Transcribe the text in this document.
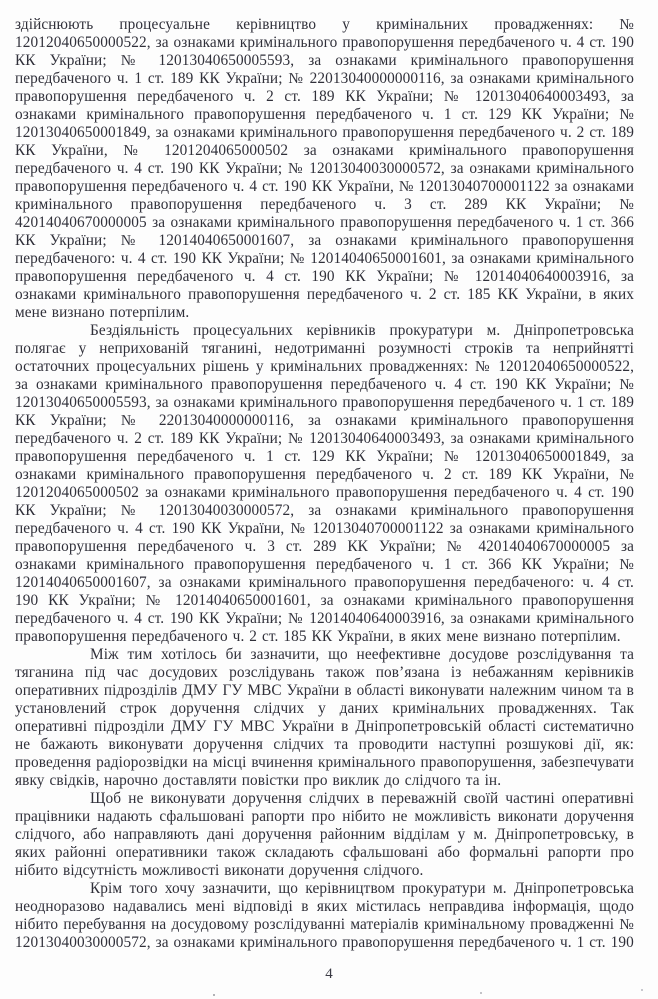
здійснюють процесуальне керівництво у кримінальних провадженнях: № 12012040650000522, за ознаками кримінального правопорушення передбаченого ч. 4 ст. 190 КК України; № 12013040650005593, за ознаками кримінального правопорушення передбаченого ч. 1 ст. 189 КК України; № 22013040000000116, за ознаками кримінального правопорушення передбаченого ч. 2 ст. 189 КК України; № 12013040640003493, за ознаками кримінального правопорушення передбаченого ч. 1 ст. 129 КК України; № 12013040650001849, за ознаками кримінального правопорушення передбаченого ч. 2 ст. 189 КК України, № 1201204065000502 за ознаками кримінального правопорушення передбаченого ч. 4 ст. 190 КК України; № 12013040030000572, за ознаками кримінального правопорушення передбаченого ч. 4 ст. 190 КК України, № 12013040700001122 за ознаками кримінального правопорушення передбаченого ч. 3 ст. 289 КК України; № 42014040670000005 за ознаками кримінального правопорушення передбаченого ч. 1 ст. 366 КК України; № 12014040650001607, за ознаками кримінального правопорушення передбаченого: ч. 4 ст. 190 КК України; № 12014040650001601, за ознаками кримінального правопорушення передбаченого ч. 4 ст. 190 КК України; № 12014040640003916, за ознаками кримінального правопорушення передбаченого ч. 2 ст. 185 КК України, в яких мене визнано потерпілим.

Бездіяльність процесуальних керівників прокуратури м. Дніпропетровська полягає у неприхованій тяганині, недотриманні розумності строків та неприйнятті остаточних процесуальних рішень у кримінальних провадженнях: № 12012040650000522, за ознаками кримінального правопорушення передбаченого ч. 4 ст. 190 КК України; № 12013040650005593, за ознаками кримінального правопорушення передбаченого ч. 1 ст. 189 КК України; № 22013040000000116, за ознаками кримінального правопорушення передбаченого ч. 2 ст. 189 КК України; № 12013040640003493, за ознаками кримінального правопорушення передбаченого ч. 1 ст. 129 КК України; № 12013040650001849, за ознаками кримінального правопорушення передбаченого ч. 2 ст. 189 КК України, № 1201204065000502 за ознаками кримінального правопорушення передбаченого ч. 4 ст. 190 КК України; № 12013040030000572, за ознаками кримінального правопорушення передбаченого ч. 4 ст. 190 КК України, № 12013040700001122 за ознаками кримінального правопорушення передбаченого ч. 3 ст. 289 КК України; № 42014040670000005 за ознаками кримінального правопорушення передбаченого ч. 1 ст. 366 КК України; № 12014040650001607, за ознаками кримінального правопорушення передбаченого: ч. 4 ст. 190 КК України; № 12014040650001601, за ознаками кримінального правопорушення передбаченого ч. 4 ст. 190 КК України; № 12014040640003916, за ознаками кримінального правопорушення передбаченого ч. 2 ст. 185 КК України, в яких мене визнано потерпілим.

Між тим хотілось би зазначити, що неефективне досудове розслідування та тяганина під час досудових розслідувань також пов’язана із небажанням керівників оперативних підрозділів ДМУ ГУ МВС України в області виконувати належним чином та в установлений строк доручення слідчих у даних кримінальних провадженнях. Так оперативні підрозділи ДМУ ГУ МВС України в Дніпропетровській області систематично не бажають виконувати доручення слідчих та проводити наступні розшукові дії, як: проведення радіорозвідки на місці вчинення кримінального правопорушення, забезпечувати явку свідків, нарочно доставляти повістки про виклик до слідчого та ін.

Щоб не виконувати доручення слідчих в переважній своїй частині оперативні працівники надають сфальшовані рапорти про нібито не можливість виконати доручення слідчого, або направляють дані доручення районним відділам у м. Дніпропетровську, в яких районні оперативники також складають сфальшовані або формальні рапорти про нібито відсутність можливості виконати доручення слідчого.

Крім того хочу зазначити, що керівництвом прокуратури м. Дніпропетровська неодноразово надавались мені відповіді в яких містилась неправдива інформація, щодо нібито перебування на досудовому розслідуванні матеріалів кримінальному провадженні № 12013040030000572, за ознаками кримінального правопорушення передбаченого ч. 1 ст. 190

4
